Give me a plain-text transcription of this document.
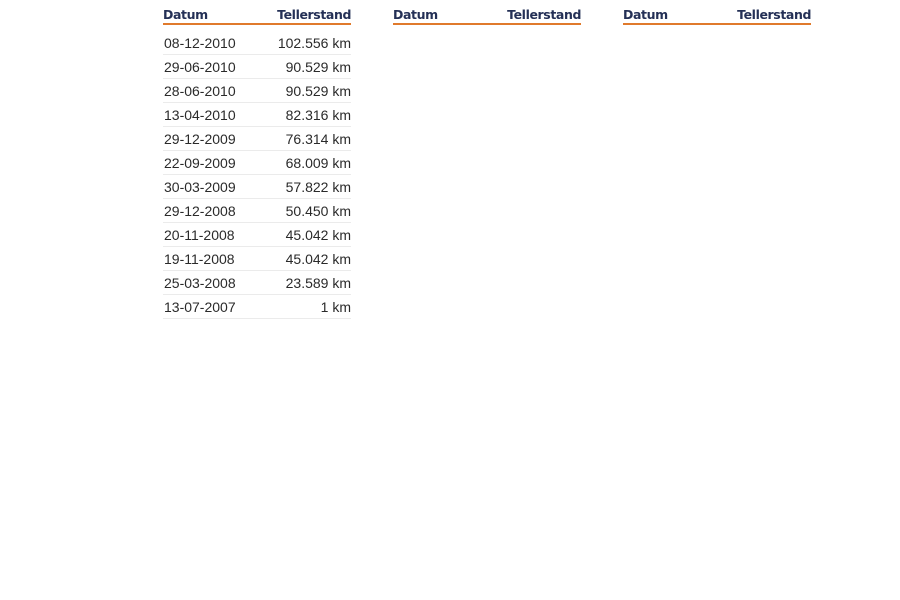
Datum	Tellerstand
08-12-2010	102.556 km
29-06-2010	90.529 km
28-06-2010	90.529 km
13-04-2010	82.316 km
29-12-2009	76.314 km
22-09-2009	68.009 km
30-03-2009	57.822 km
29-12-2008	50.450 km
20-11-2008	45.042 km
19-11-2008	45.042 km
25-03-2008	23.589 km
13-07-2007	1 km
Datum	Tellerstand	Datum	Tellerstand
